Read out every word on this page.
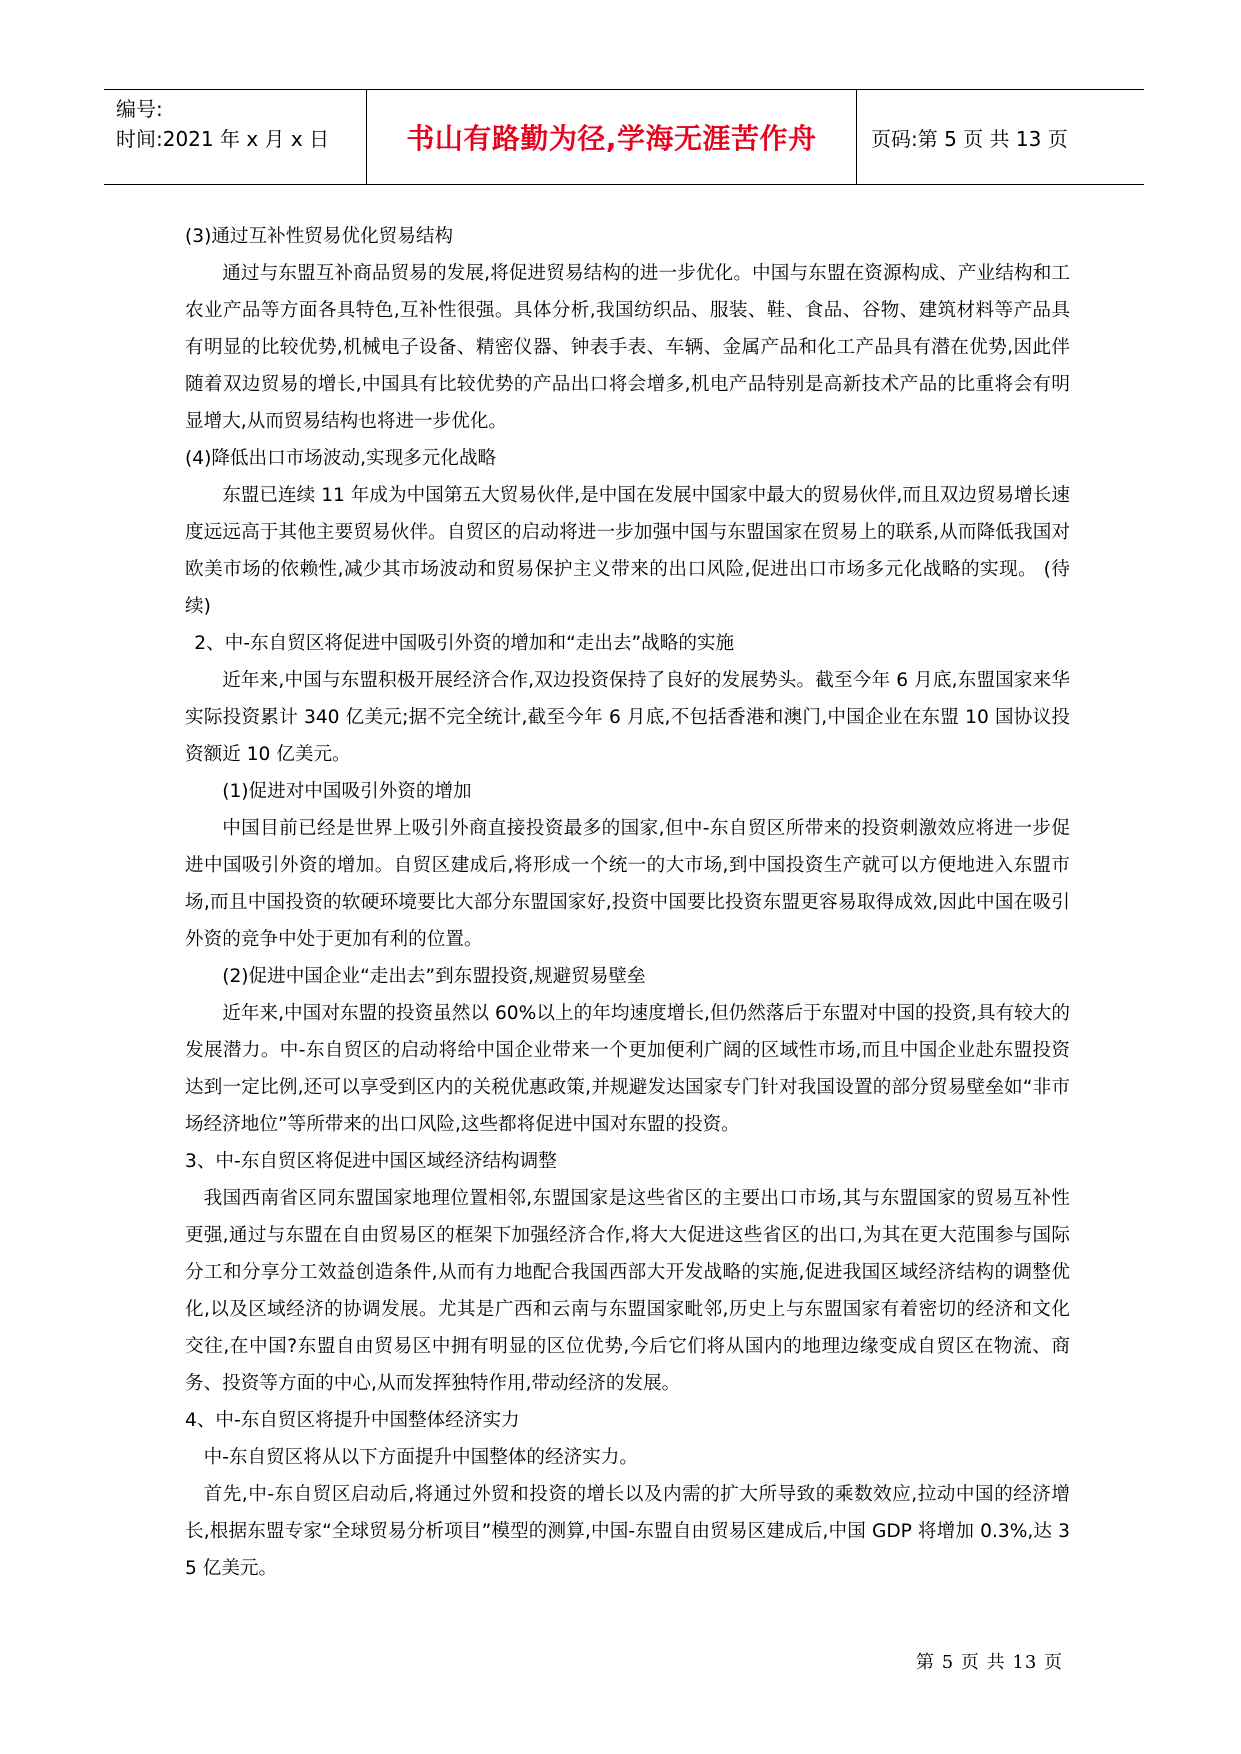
编号:
时间:2021 年 x 月 x 日	书山有路勤为径,学海无涯苦作舟	页码:第 5 页 共 13 页

(3)通过互补性贸易优化贸易结构

通过与东盟互补商品贸易的发展,将促进贸易结构的进一步优化。中国与东盟在资源构成、产业结构和工农业产品等方面各具特色,互补性很强。具体分析,我国纺织品、服装、鞋、食品、谷物、建筑材料等产品具有明显的比较优势,机械电子设备、精密仪器、钟表手表、车辆、金属产品和化工产品具有潜在优势,因此伴随着双边贸易的增长,中国具有比较优势的产品出口将会增多,机电产品特别是高新技术产品的比重将会有明显增大,从而贸易结构也将进一步优化。

(4)降低出口市场波动,实现多元化战略

东盟已连续 11 年成为中国第五大贸易伙伴,是中国在发展中国家中最大的贸易伙伴,而且双边贸易增长速度远远高于其他主要贸易伙伴。自贸区的启动将进一步加强中国与东盟国家在贸易上的联系,从而降低我国对欧美市场的依赖性,减少其市场波动和贸易保护主义带来的出口风险,促进出口市场多元化战略的实现。 (待续)

2、中-东自贸区将促进中国吸引外资的增加和“走出去”战略的实施

近年来,中国与东盟积极开展经济合作,双边投资保持了良好的发展势头。截至今年 6 月底,东盟国家来华实际投资累计 340 亿美元;据不完全统计,截至今年 6 月底,不包括香港和澳门,中国企业在东盟 10 国协议投资额近 10 亿美元。

(1)促进对中国吸引外资的增加

中国目前已经是世界上吸引外商直接投资最多的国家,但中-东自贸区所带来的投资刺激效应将进一步促进中国吸引外资的增加。自贸区建成后,将形成一个统一的大市场,到中国投资生产就可以方便地进入东盟市场,而且中国投资的软硬环境要比大部分东盟国家好,投资中国要比投资东盟更容易取得成效,因此中国在吸引外资的竞争中处于更加有利的位置。

(2)促进中国企业“走出去”到东盟投资,规避贸易壁垒

近年来,中国对东盟的投资虽然以 60%以上的年均速度增长,但仍然落后于东盟对中国的投资,具有较大的发展潜力。中-东自贸区的启动将给中国企业带来一个更加便利广阔的区域性市场,而且中国企业赴东盟投资达到一定比例,还可以享受到区内的关税优惠政策,并规避发达国家专门针对我国设置的部分贸易壁垒如“非市场经济地位”等所带来的出口风险,这些都将促进中国对东盟的投资。

3、中-东自贸区将促进中国区域经济结构调整

我国西南省区同东盟国家地理位置相邻,东盟国家是这些省区的主要出口市场,其与东盟国家的贸易互补性更强,通过与东盟在自由贸易区的框架下加强经济合作,将大大促进这些省区的出口,为其在更大范围参与国际分工和分享分工效益创造条件,从而有力地配合我国西部大开发战略的实施,促进我国区域经济结构的调整优化,以及区域经济的协调发展。尤其是广西和云南与东盟国家毗邻,历史上与东盟国家有着密切的经济和文化交往,在中国?东盟自由贸易区中拥有明显的区位优势,今后它们将从国内的地理边缘变成自贸区在物流、商务、投资等方面的中心,从而发挥独特作用,带动经济的发展。

4、中-东自贸区将提升中国整体经济实力

中-东自贸区将从以下方面提升中国整体的经济实力。

首先,中-东自贸区启动后,将通过外贸和投资的增长以及内需的扩大所导致的乘数效应,拉动中国的经济增长,根据东盟专家“全球贸易分析项目”模型的测算,中国-东盟自由贸易区建成后,中国 GDP 将增加 0.3%,达 35 亿美元。

第 5 页 共 13 页
